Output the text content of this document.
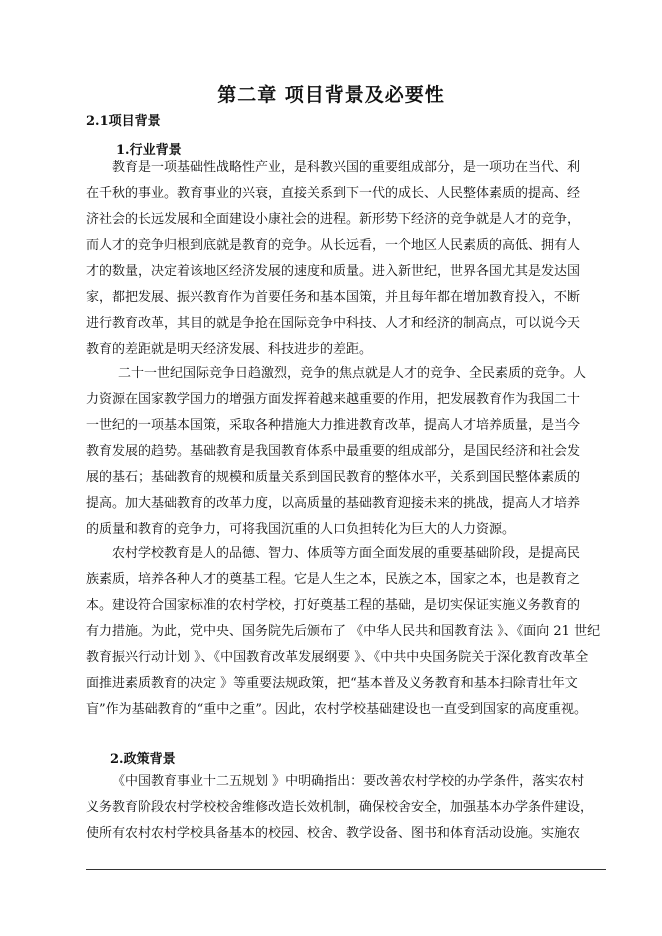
第二章 项目背景及必要性
2.1项目背景
1.行业背景
教育是一项基础性战略性产业，是科教兴国的重要组成部分，是一项功在当代、利
在千秋的事业。教育事业的兴衰，直接关系到下一代的成长、人民整体素质的提高、经
济社会的长远发展和全面建设小康社会的进程。新形势下经济的竞争就是人才的竞争，
而人才的竞争归根到底就是教育的竞争。从长远看，一个地区人民素质的高低、拥有人
才的数量，决定着该地区经济发展的速度和质量。进入新世纪，世界各国尤其是发达国
家，都把发展、振兴教育作为首要任务和基本国策，并且每年都在增加教育投入，不断
进行教育改革，其目的就是争抢在国际竞争中科技、人才和经济的制高点，可以说今天
教育的差距就是明天经济发展、科技进步的差距。
二十一世纪国际竞争日趋激烈，竞争的焦点就是人才的竞争、全民素质的竞争。人
力资源在国家教学国力的增强方面发挥着越来越重要的作用，把发展教育作为我国二十
一世纪的一项基本国策，采取各种措施大力推进教育改革，提高人才培养质量，是当今
教育发展的趋势。基础教育是我国教育体系中最重要的组成部分，是国民经济和社会发
展的基石；基础教育的规模和质量关系到国民教育的整体水平，关系到国民整体素质的
提高。加大基础教育的改革力度，以高质量的基础教育迎接未来的挑战，提高人才培养
的质量和教育的竞争力，可将我国沉重的人口负担转化为巨大的人力资源。
农村学校教育是人的品德、智力、体质等方面全面发展的重要基础阶段，是提高民
族素质，培养各种人才的奠基工程。它是人生之本，民族之本，国家之本，也是教育之
本。建设符合国家标准的农村学校，打好奠基工程的基础，是切实保证实施义务教育的
有力措施。为此，党中央、国务院先后颁布了 《中华人民共和国教育法 》、《面向 21 世纪
教育振兴行动计划 》、《中国教育改革发展纲要 》、《中共中央国务院关于深化教育改革全
面推进素质教育的决定 》等重要法规政策，把“基本普及义务教育和基本扫除青壮年文
盲”作为基础教育的“重中之重”。因此，农村学校基础建设也一直受到国家的高度重视。
2.政策背景
《中国教育事业十二五规划 》中明确指出：要改善农村学校的办学条件，落实农村
义务教育阶段农村学校校舍维修改造长效机制，确保校舍安全，加强基本办学条件建设，
使所有农村农村学校具备基本的校园、校舍、教学设备、图书和体育活动设施。实施农
